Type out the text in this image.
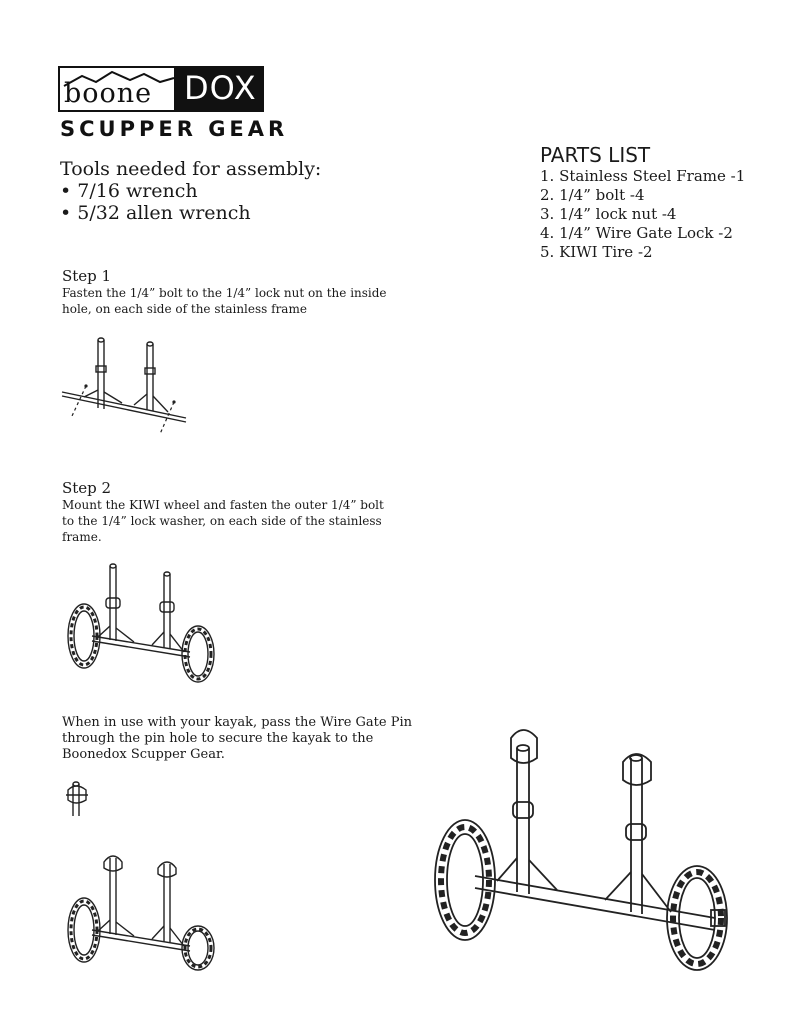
boone DOX
SCUPPER GEAR
Tools needed for assembly:
• 7/16 wrench
• 5/32 allen wrench
PARTS LIST
1. Stainless Steel Frame -1
2. 1/4” bolt -4
3. 1/4” lock nut -4
4. 1/4” Wire Gate Lock -2
5. KIWI Tire -2
Step 1
Fasten the 1/4” bolt to the 1/4” lock nut on the inside hole, on each side of the stainless frame
Step 2
Mount the KIWI wheel and fasten the outer 1/4” bolt to the 1/4” lock washer, on each side of the stainless frame.
When in use with your kayak, pass the Wire Gate Pin through the pin hole to secure the kayak to the Boonedox Scupper Gear.
